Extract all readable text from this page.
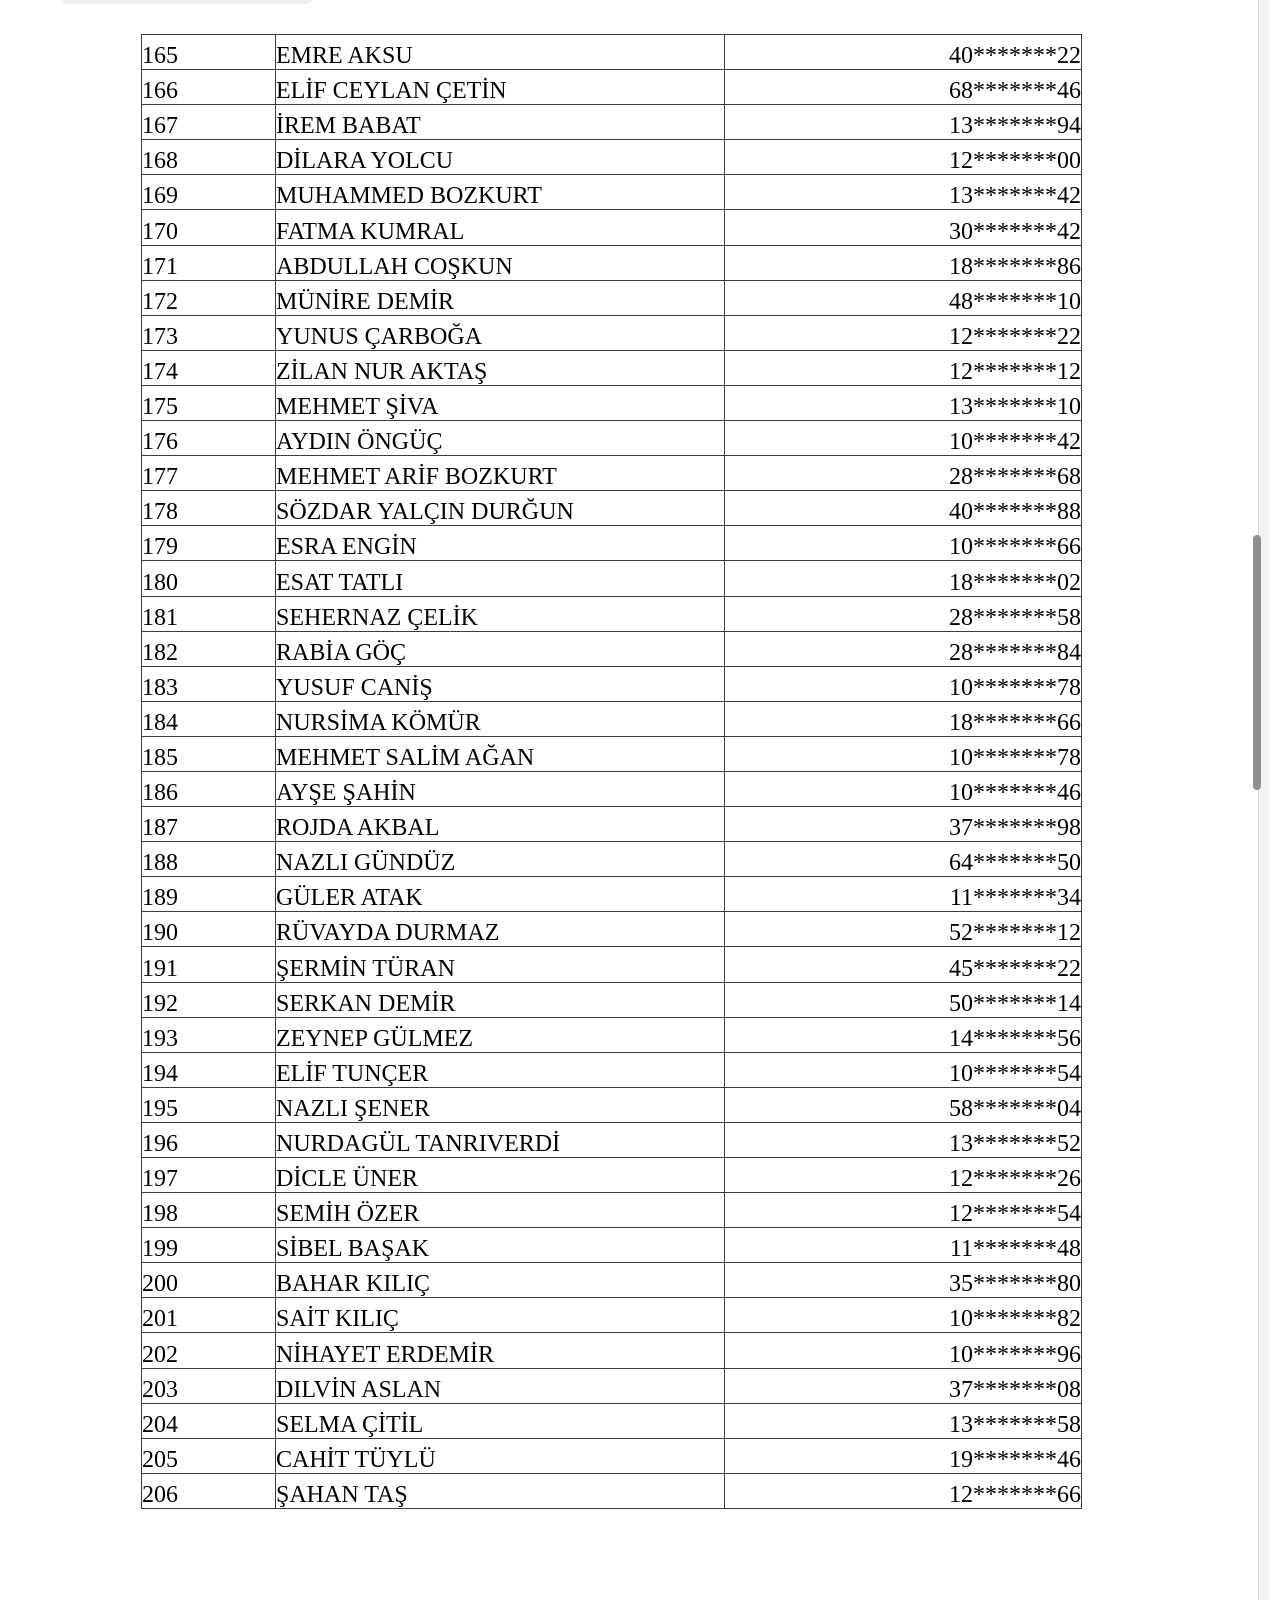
165	EMRE AKSU	40*******22
166	ELİF CEYLAN ÇETİN	68*******46
167	İREM BABAT	13*******94
168	DİLARA YOLCU	12*******00
169	MUHAMMED BOZKURT	13*******42
170	FATMA KUMRAL	30*******42
171	ABDULLAH COŞKUN	18*******86
172	MÜNİRE DEMİR	48*******10
173	YUNUS ÇARBOĞA	12*******22
174	ZİLAN NUR AKTAŞ	12*******12
175	MEHMET ŞİVA	13*******10
176	AYDIN ÖNGÜÇ	10*******42
177	MEHMET ARİF BOZKURT	28*******68
178	SÖZDAR YALÇIN DURĞUN	40*******88
179	ESRA ENGİN	10*******66
180	ESAT TATLI	18*******02
181	SEHERNAZ ÇELİK	28*******58
182	RABİA GÖÇ	28*******84
183	YUSUF CANİŞ	10*******78
184	NURSİMA KÖMÜR	18*******66
185	MEHMET SALİM AĞAN	10*******78
186	AYŞE ŞAHİN	10*******46
187	ROJDA AKBAL	37*******98
188	NAZLI GÜNDÜZ	64*******50
189	GÜLER ATAK	11*******34
190	RÜVAYDA DURMAZ	52*******12
191	ŞERMİN TÜRAN	45*******22
192	SERKAN DEMİR	50*******14
193	ZEYNEP GÜLMEZ	14*******56
194	ELİF TUNÇER	10*******54
195	NAZLI ŞENER	58*******04
196	NURDAGÜL TANRIVERDİ	13*******52
197	DİCLE ÜNER	12*******26
198	SEMİH ÖZER	12*******54
199	SİBEL BAŞAK	11*******48
200	BAHAR KILIÇ	35*******80
201	SAİT KILIÇ	10*******82
202	NİHAYET ERDEMİR	10*******96
203	DILVİN ASLAN	37*******08
204	SELMA ÇİTİL	13*******58
205	CAHİT TÜYLÜ	19*******46
206	ŞAHAN TAŞ	12*******66
